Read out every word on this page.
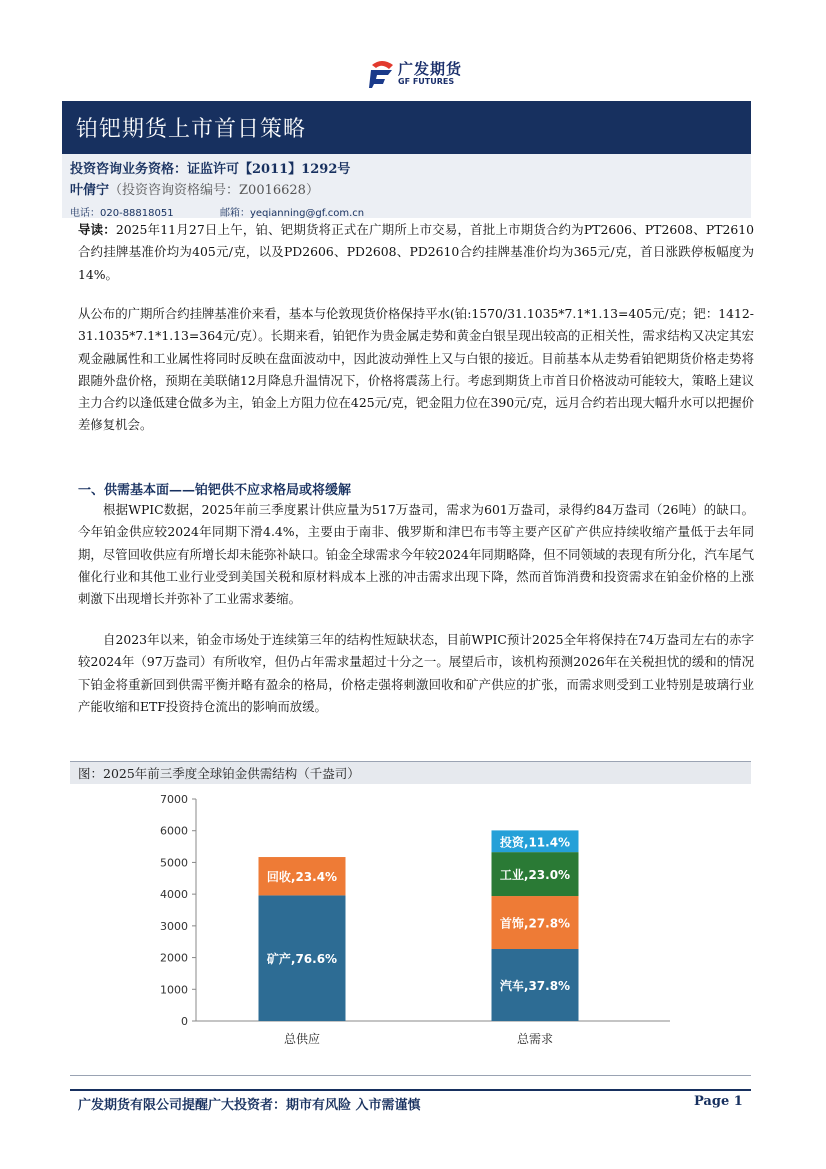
广发期货
GF FUTURES
铂钯期货上市首日策略
投资咨询业务资格：证监许可【2011】1292号
叶倩宁（投资咨询资格编号：Z0016628）
电话：020-88818051	邮箱：yeqianning@gf.com.cn
导读：2025年11月27日上午，铂、钯期货将正式在广期所上市交易，首批上市期货合约为PT2606、PT2608、PT2610合约挂牌基准价均为405元/克，以及PD2606、PD2608、PD2610合约挂牌基准价均为365元/克，首日涨跌停板幅度为14%。
从公布的广期所合约挂牌基准价来看，基本与伦敦现货价格保持平水(铂:1570/31.1035*7.1*1.13=405元/克；钯：1412-31.1035*7.1*1.13=364元/克）。长期来看，铂钯作为贵金属走势和黄金白银呈现出较高的正相关性，需求结构又决定其宏观金融属性和工业属性将同时反映在盘面波动中，因此波动弹性上又与白银的接近。目前基本从走势看铂钯期货价格走势将跟随外盘价格，预期在美联储12月降息升温情况下，价格将震荡上行。考虑到期货上市首日价格波动可能较大，策略上建议主力合约以逢低建仓做多为主，铂金上方阻力位在425元/克，钯金阻力位在390元/克，远月合约若出现大幅升水可以把握价差修复机会。
一、供需基本面——铂钯供不应求格局或将缓解
根据WPIC数据，2025年前三季度累计供应量为517万盎司，需求为601万盎司，录得约84万盎司（26吨）的缺口。今年铂金供应较2024年同期下滑4.4%，主要由于南非、俄罗斯和津巴布韦等主要产区矿产供应持续收缩产量低于去年同期，尽管回收供应有所增长却未能弥补缺口。铂金全球需求今年较2024年同期略降，但不同领域的表现有所分化，汽车尾气催化行业和其他工业行业受到美国关税和原材料成本上涨的冲击需求出现下降，然而首饰消费和投资需求在铂金价格的上涨刺激下出现增长并弥补了工业需求萎缩。
自2023年以来，铂金市场处于连续第三年的结构性短缺状态，目前WPIC预计2025全年将保持在74万盎司左右的赤字较2024年（97万盎司）有所收窄，但仍占年需求量超过十分之一。展望后市，该机构预测2026年在关税担忧的缓和的情况下铂金将重新回到供需平衡并略有盈余的格局，价格走强将刺激回收和矿产供应的扩张，而需求则受到工业特别是玻璃行业产能收缩和ETF投资持仓流出的影响而放缓。
图：2025年前三季度全球铂金供需结构（千盎司）
0
1000
2000
3000
4000
5000
6000
7000
矿产,76.6%
回收,23.4%
汽车,37.8%
首饰,27.8%
工业,23.0%
投资,11.4%
总供应	总需求
广发期货有限公司提醒广大投资者：期市有风险 入市需谨慎	Page 1
